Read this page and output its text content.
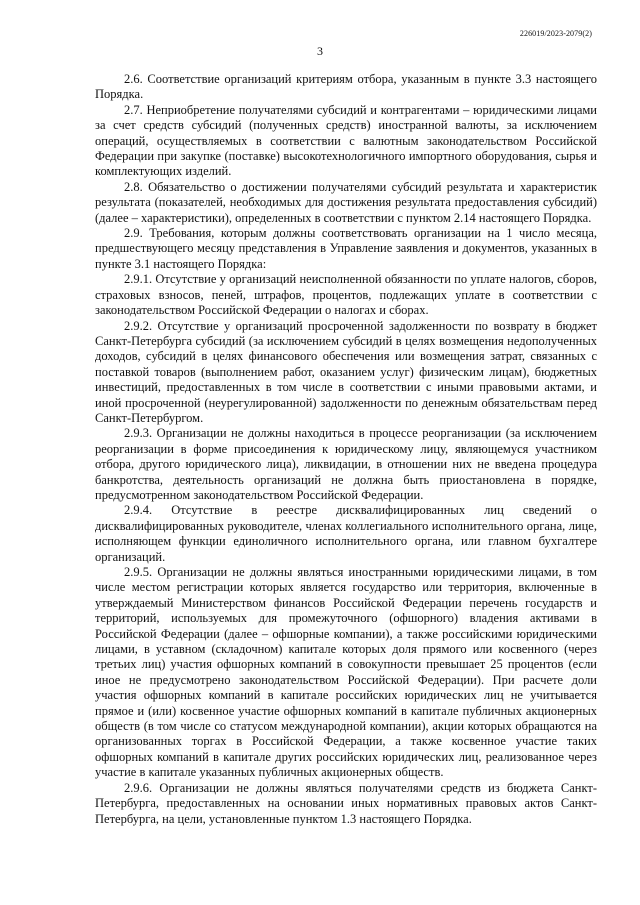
226019/2023-2079(2)
3

2.6. Соответствие организаций критериям отбора, указанным в пункте 3.3 настоящего Порядка.

2.7. Неприобретение получателями субсидий и контрагентами – юридическими лицами за счет средств субсидий (полученных средств) иностранной валюты, за исключением операций, осуществляемых в соответствии с валютным законодательством Российской Федерации при закупке (поставке) высокотехнологичного импортного оборудования, сырья и комплектующих изделий.

2.8. Обязательство о достижении получателями субсидий результата и характеристик результата (показателей, необходимых для достижения результата предоставления субсидий) (далее – характеристики), определенных в соответствии с пунктом 2.14 настоящего Порядка.

2.9. Требования, которым должны соответствовать организации на 1 число месяца, предшествующего месяцу представления в Управление заявления и документов, указанных в пункте 3.1 настоящего Порядка:

2.9.1. Отсутствие у организаций неисполненной обязанности по уплате налогов, сборов, страховых взносов, пеней, штрафов, процентов, подлежащих уплате в соответствии с законодательством Российской Федерации о налогах и сборах.

2.9.2. Отсутствие у организаций просроченной задолженности по возврату в бюджет Санкт-Петербурга субсидий (за исключением субсидий в целях возмещения недополученных доходов, субсидий в целях финансового обеспечения или возмещения затрат, связанных с поставкой товаров (выполнением работ, оказанием услуг) физическим лицам), бюджетных инвестиций, предоставленных в том числе в соответствии с иными правовыми актами, и иной просроченной (неурегулированной) задолженности по денежным обязательствам перед Санкт-Петербургом.

2.9.3. Организации не должны находиться в процессе реорганизации (за исключением реорганизации в форме присоединения к юридическому лицу, являющемуся участником отбора, другого юридического лица), ликвидации, в отношении них не введена процедура банкротства, деятельность организаций не должна быть приостановлена в порядке, предусмотренном законодательством Российской Федерации.

2.9.4. Отсутствие в реестре дисквалифицированных лиц сведений о дисквалифицированных руководителе, членах коллегиального исполнительного органа, лице, исполняющем функции единоличного исполнительного органа, или главном бухгалтере организаций.

2.9.5. Организации не должны являться иностранными юридическими лицами, в том числе местом регистрации которых является государство или территория, включенные в утверждаемый Министерством финансов Российской Федерации перечень государств и территорий, используемых для промежуточного (офшорного) владения активами в Российской Федерации (далее – офшорные компании), а также российскими юридическими лицами, в уставном (складочном) капитале которых доля прямого или косвенного (через третьих лиц) участия офшорных компаний в совокупности превышает 25 процентов (если иное не предусмотрено законодательством Российской Федерации). При расчете доли участия офшорных компаний в капитале российских юридических лиц не учитывается прямое и (или) косвенное участие офшорных компаний в капитале публичных акционерных обществ (в том числе со статусом международной компании), акции которых обращаются на организованных торгах в Российской Федерации, а также косвенное участие таких офшорных компаний в капитале других российских юридических лиц, реализованное через участие в капитале указанных публичных акционерных обществ.

2.9.6. Организации не должны являться получателями средств из бюджета Санкт-Петербурга, предоставленных на основании иных нормативных правовых актов Санкт-Петербурга, на цели, установленные пунктом 1.3 настоящего Порядка.
